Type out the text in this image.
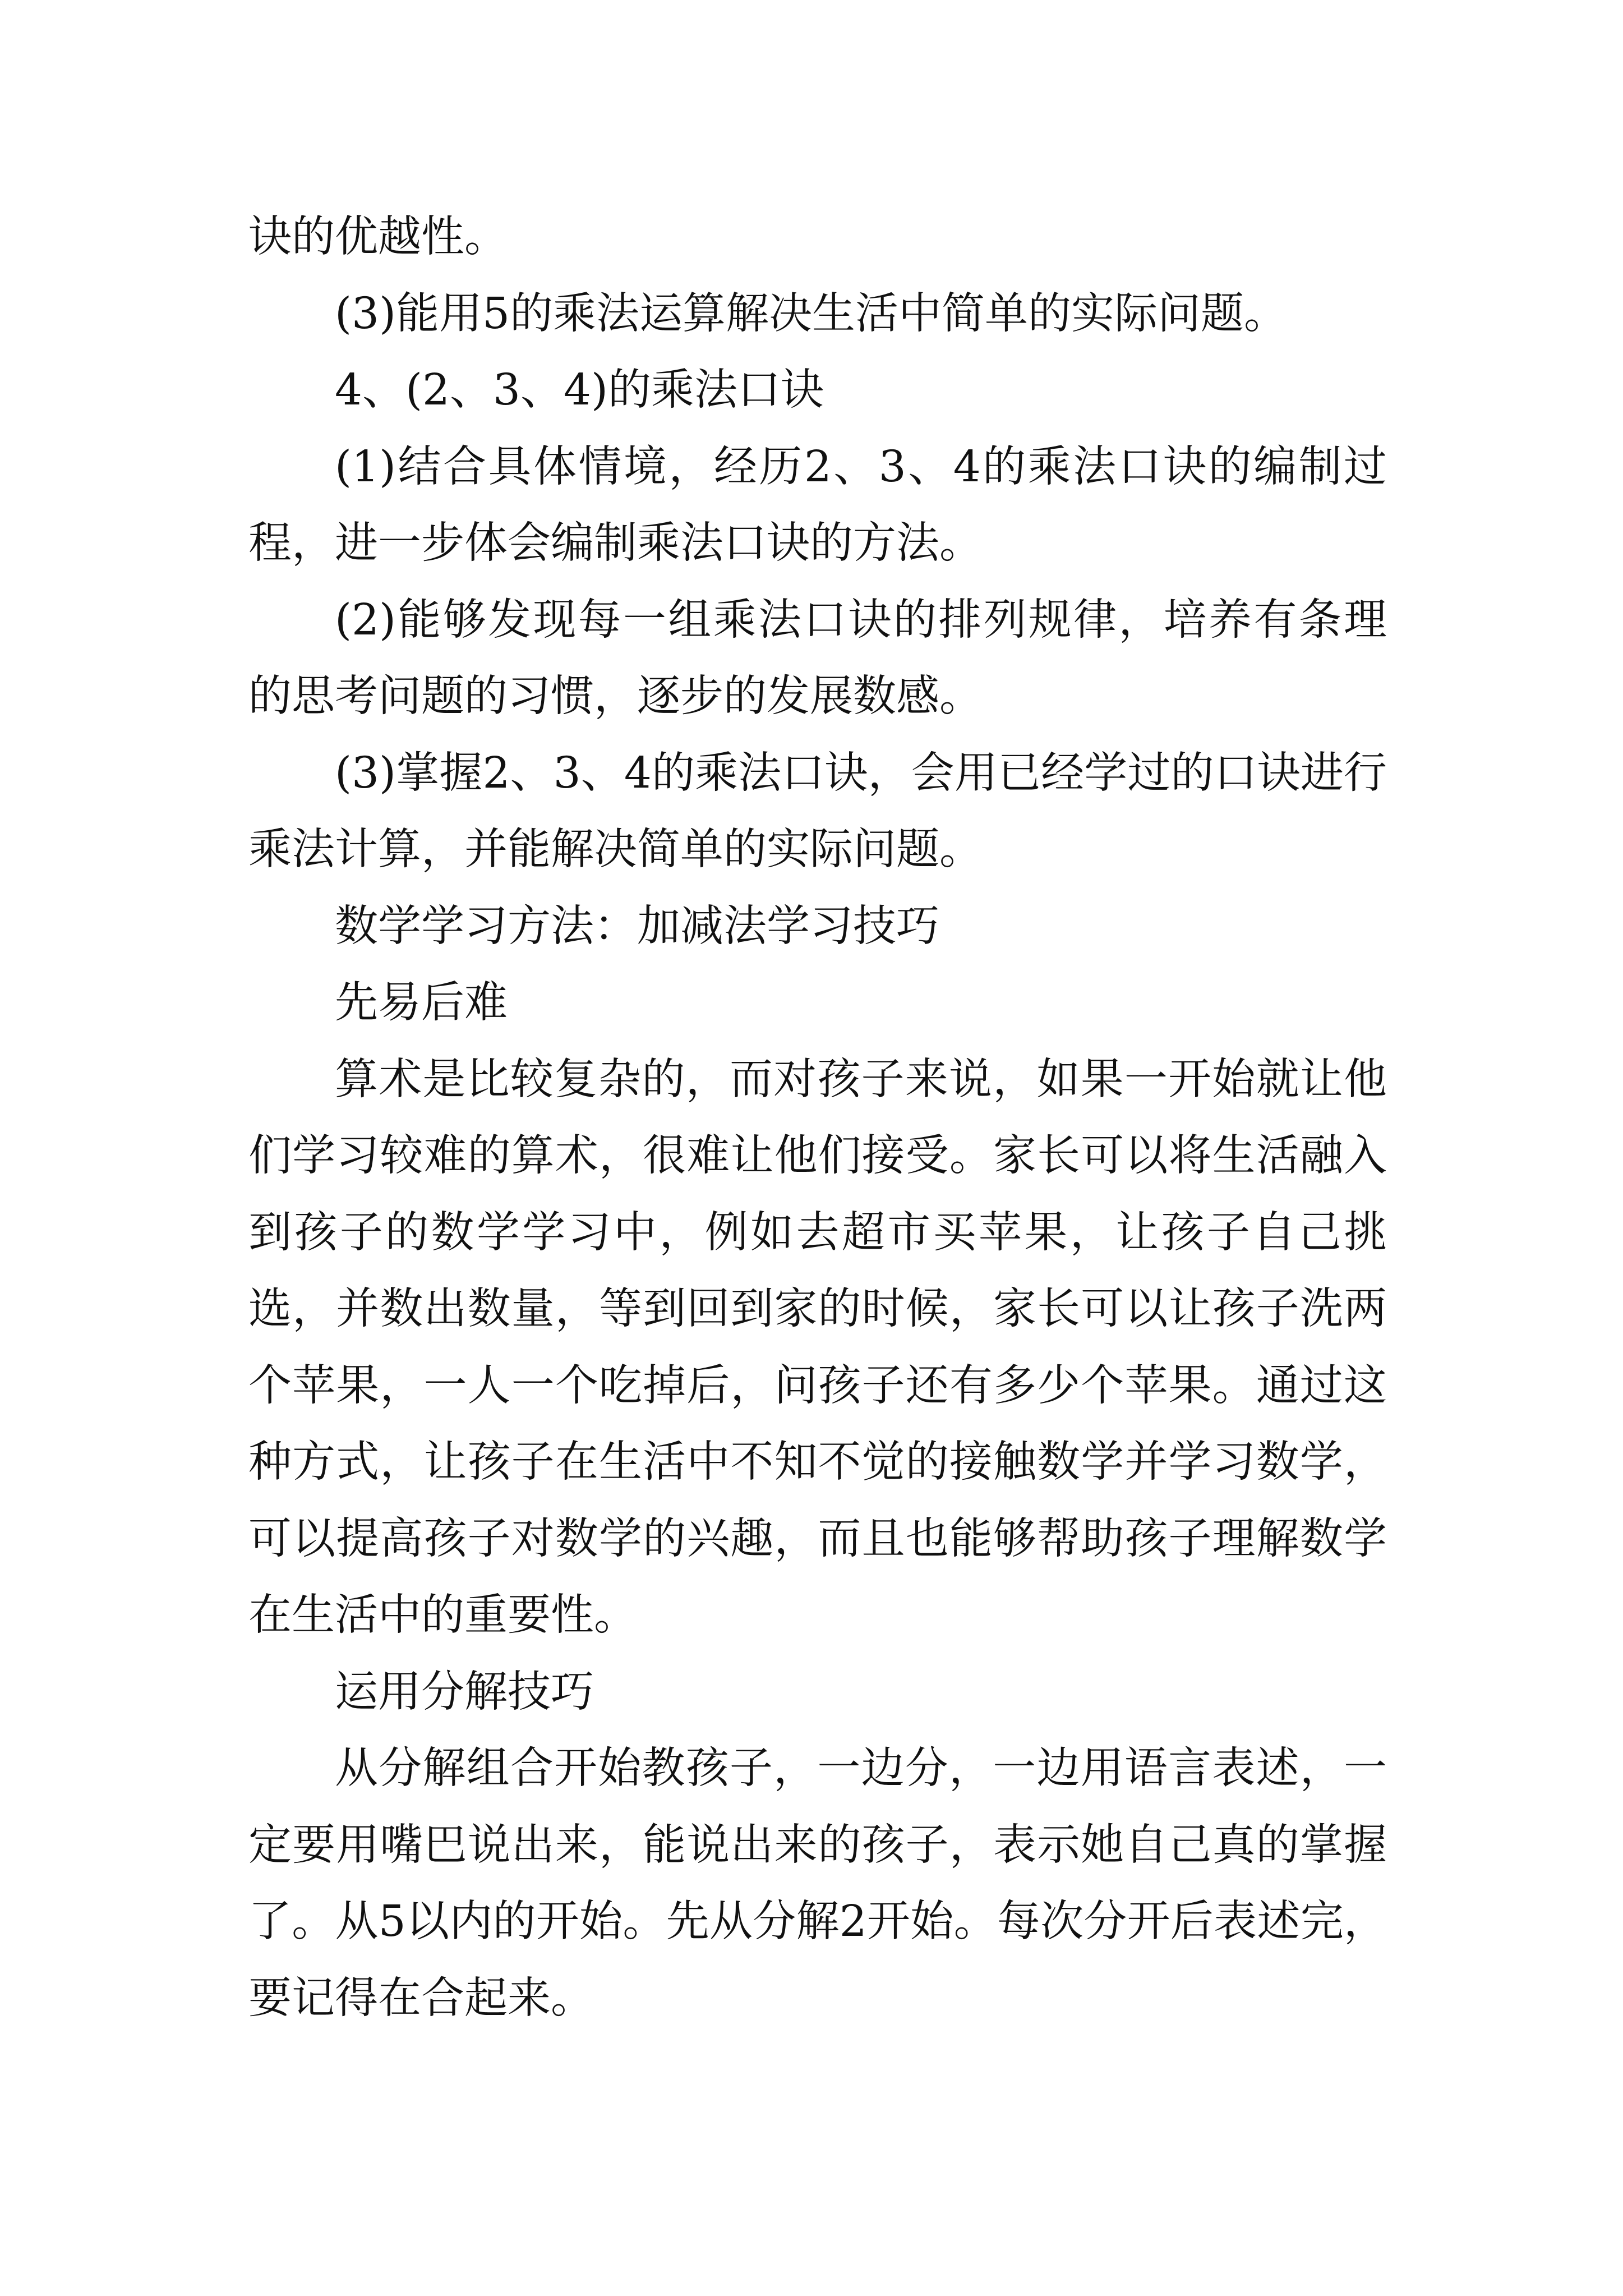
诀的优越性。

(3)能用5的乘法运算解决生活中简单的实际问题。

4、(2、3、4)的乘法口诀

(1)结合具体情境，经历2、3、4的乘法口诀的编制过程，进一步体会编制乘法口诀的方法。

(2)能够发现每一组乘法口诀的排列规律，培养有条理的思考问题的习惯，逐步的发展数感。

(3)掌握2、3、4的乘法口诀，会用已经学过的口诀进行乘法计算，并能解决简单的实际问题。

数学学习方法：加减法学习技巧

先易后难

算术是比较复杂的，而对孩子来说，如果一开始就让他们学习较难的算术，很难让他们接受。家长可以将生活融入到孩子的数学学习中，例如去超市买苹果，让孩子自己挑选，并数出数量，等到回到家的时候，家长可以让孩子洗两个苹果，一人一个吃掉后，问孩子还有多少个苹果。通过这种方式，让孩子在生活中不知不觉的接触数学并学习数学，可以提高孩子对数学的兴趣，而且也能够帮助孩子理解数学在生活中的重要性。

运用分解技巧

从分解组合开始教孩子，一边分，一边用语言表述，一定要用嘴巴说出来，能说出来的孩子，表示她自己真的掌握了。从5以内的开始。先从分解2开始。每次分开后表述完，要记得在合起来。
